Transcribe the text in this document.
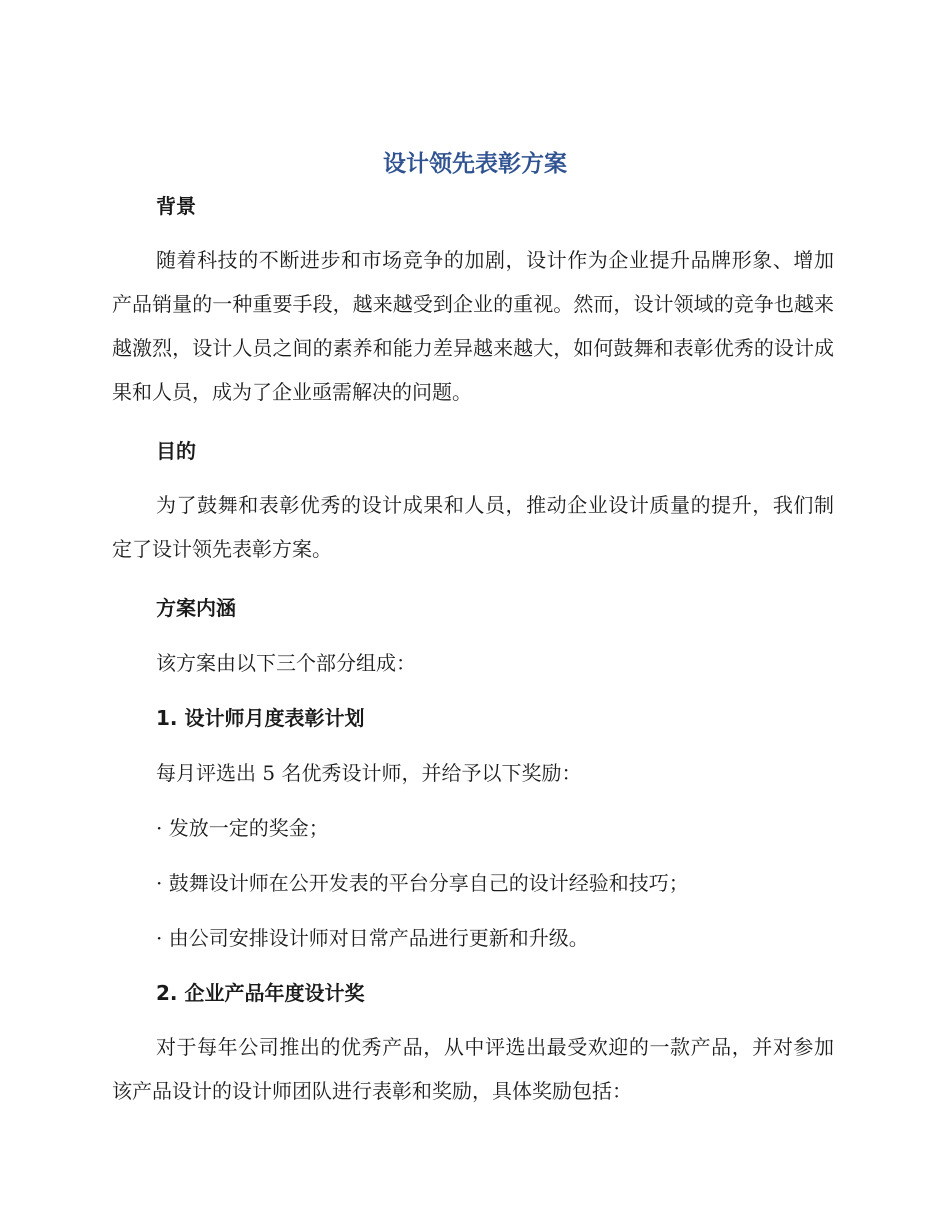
设计领先表彰方案

背景

随着科技的不断进步和市场竞争的加剧，设计作为企业提升品牌形象、增加产品销量的一种重要手段，越来越受到企业的重视。然而，设计领域的竞争也越来越激烈，设计人员之间的素养和能力差异越来越大，如何鼓舞和表彰优秀的设计成果和人员，成为了企业亟需解决的问题。

目的

为了鼓舞和表彰优秀的设计成果和人员，推动企业设计质量的提升，我们制定了设计领先表彰方案。

方案内涵

该方案由以下三个部分组成：

1. 设计师月度表彰计划

每月评选出 5 名优秀设计师，并给予以下奖励：

· 发放一定的奖金；

· 鼓舞设计师在公开发表的平台分享自己的设计经验和技巧；

· 由公司安排设计师对日常产品进行更新和升级。

2. 企业产品年度设计奖

对于每年公司推出的优秀产品，从中评选出最受欢迎的一款产品，并对参加该产品设计的设计师团队进行表彰和奖励，具体奖励包括：
